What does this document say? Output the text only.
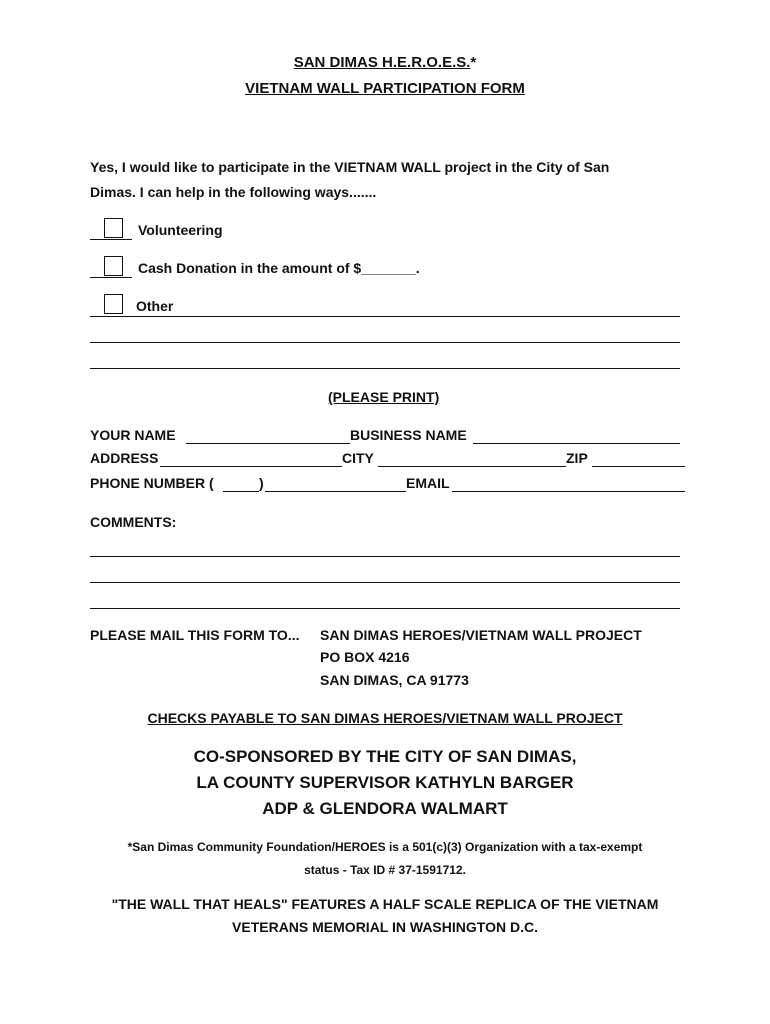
SAN DIMAS H.E.R.O.E.S.*
VIETNAM WALL PARTICIPATION FORM
Yes, I would like to participate in the VIETNAM WALL project in the City of San
Dimas. I can help in the following ways.......
Volunteering
Cash Donation in the amount of $_______.
Other
(PLEASE PRINT)
YOUR NAME	BUSINESS NAME
ADDRESS	CITY	ZIP
PHONE NUMBER (	)	EMAIL
COMMENTS:
PLEASE MAIL THIS FORM TO... SAN DIMAS HEROES/VIETNAM WALL PROJECT
PO BOX 4216
SAN DIMAS, CA 91773
CHECKS PAYABLE TO SAN DIMAS HEROES/VIETNAM WALL PROJECT
CO-SPONSORED BY THE CITY OF SAN DIMAS,
LA COUNTY SUPERVISOR KATHYLN BARGER
ADP & GLENDORA WALMART
*San Dimas Community Foundation/HEROES is a 501(c)(3) Organization with a tax-exempt
status - Tax ID # 37-1591712.
"THE WALL THAT HEALS" FEATURES A HALF SCALE REPLICA OF THE VIETNAM
VETERANS MEMORIAL IN WASHINGTON D.C.
